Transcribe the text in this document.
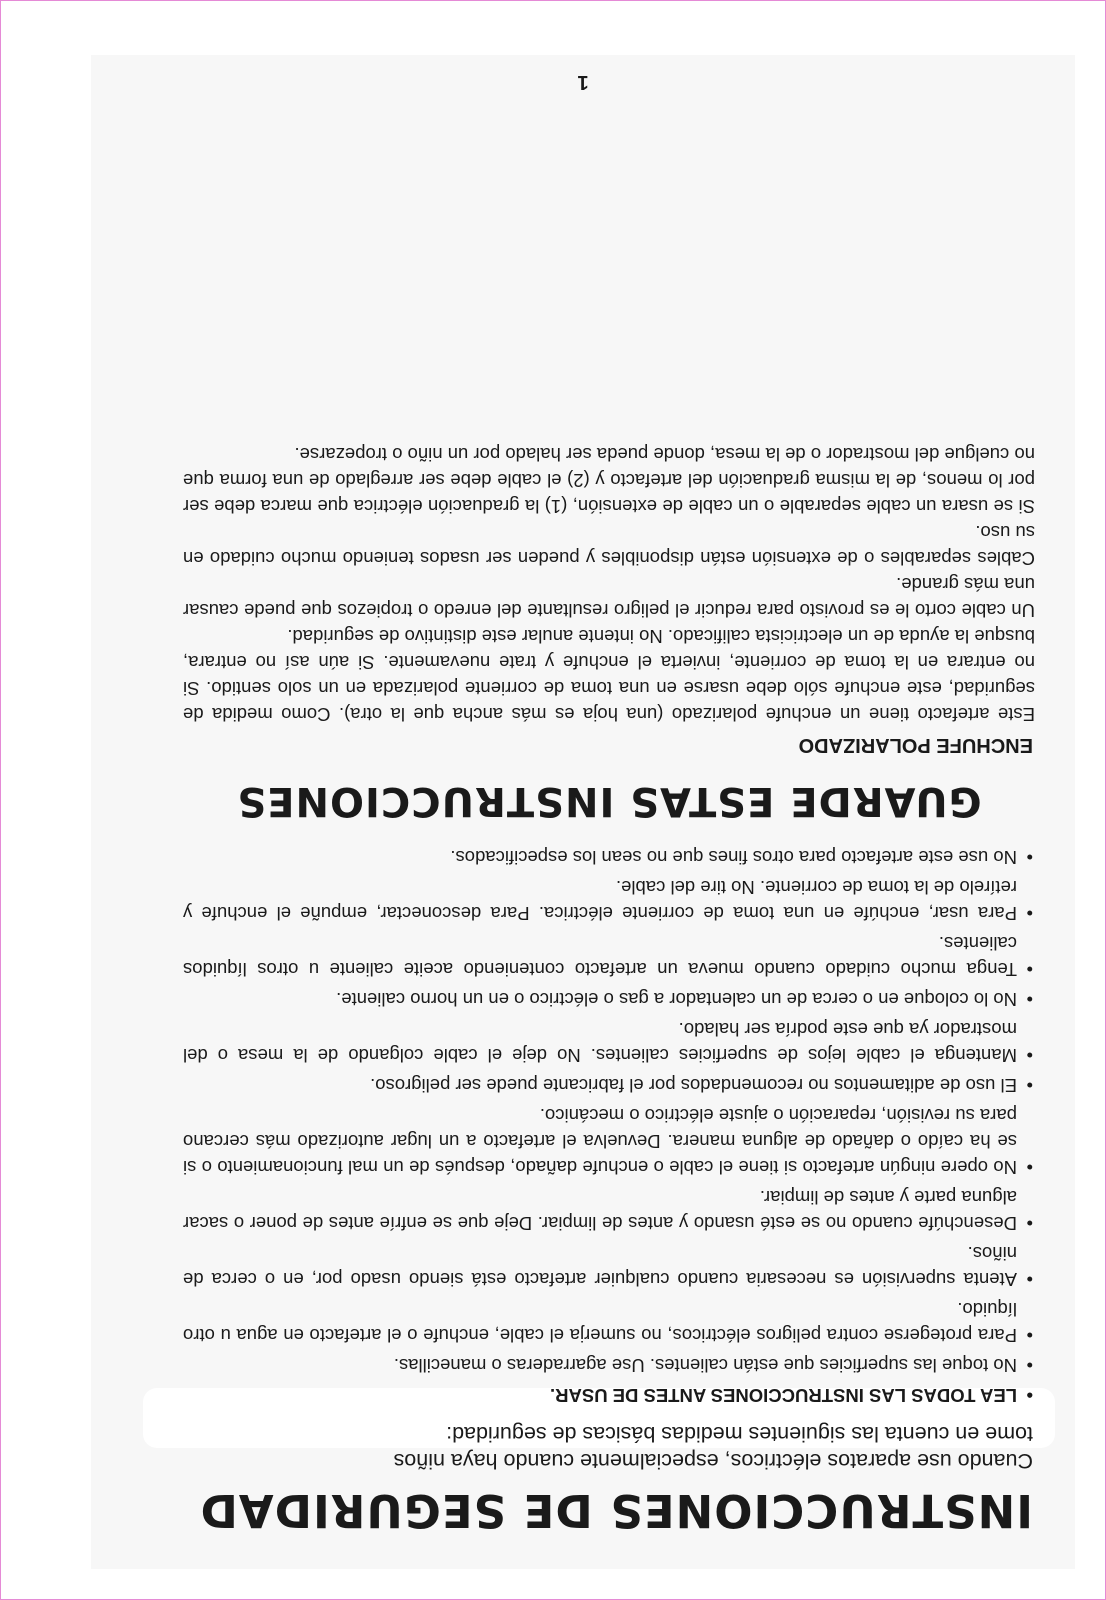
INSTRUCCIONES DE SEGURIDAD

Cuando use aparatos eléctricos, especialmente cuando haya niños

tome en cuenta las siguientes medidas básicas de seguridad:

• LEA TODAS LAS INSTRUCCIONES ANTES DE USAR.
• No toque las superficies que están calientes. Use agarraderas o manecillas.
• Para protegerse contra peligros eléctricos, no sumerja el cable, enchufe o el artefacto en agua u otro líquido.
• Atenta supervisión es necesaria cuando cualquier artefacto está siendo usado por, en o cerca de niños.
• Desenchúfe cuando no se esté usando y antes de limpiar. Deje que se enfríe antes de poner o sacar alguna parte y antes de limpiar.
• No opere ningún artefacto si tiene el cable o enchufe dañado, después de un mal funcionamiento o si se ha caído o dañado de alguna manera. Devuelva el artefacto a un lugar autorizado más cercano para su revisión, reparación o ajuste eléctrico o mecánico.
• El uso de aditamentos no recomendados por el fabricante puede ser peligroso.
• Mantenga el cable lejos de superficies calientes. No deje el cable colgando de la mesa o del mostrador ya que este podría ser halado.
• No lo coloque en o cerca de un calentador a gas o eléctrico o en un horno caliente.
• Tenga mucho cuidado cuando mueva un artefacto conteniendo aceite caliente u otros líquidos calientes.
• Para usar, enchúfe en una toma de corriente eléctrica. Para desconectar, empuñe el enchufe y retírelo de la toma de corriente. No tire del cable.
• No use este artefacto para otros fines que no sean los especificados.
GUARDE ESTAS INSTRUCCIONES
ENCHUFE POLARIZADO

Este artefacto tiene un enchufe polarizado (una hoja es más ancha que la otra). Como medida de seguridad, este enchufe sólo debe usarse en una toma de corriente polarizada en un solo sentido. Si no entrara en la toma de corriente, invierta el enchufe y trate nuevamente. Si aún así no entrara, busque la ayuda de un electricista calificado. No intente anular este distintivo de seguridad.

Un cable corto le es provisto para reducir el peligro resultante del enredo o tropiezos que puede causar una más grande.

Cables separables o de extensión están disponibles y pueden ser usados teniendo mucho cuidado en su uso.

Si se usara un cable separable o un cable de extensión, (1) la graduación eléctrica que marca debe ser por lo menos, de la misma graduación del artefacto y (2) el cable debe ser arreglado de una forma que no cuelgue del mostrador o de la mesa, donde pueda ser halado por un niño o tropezarse.

1
